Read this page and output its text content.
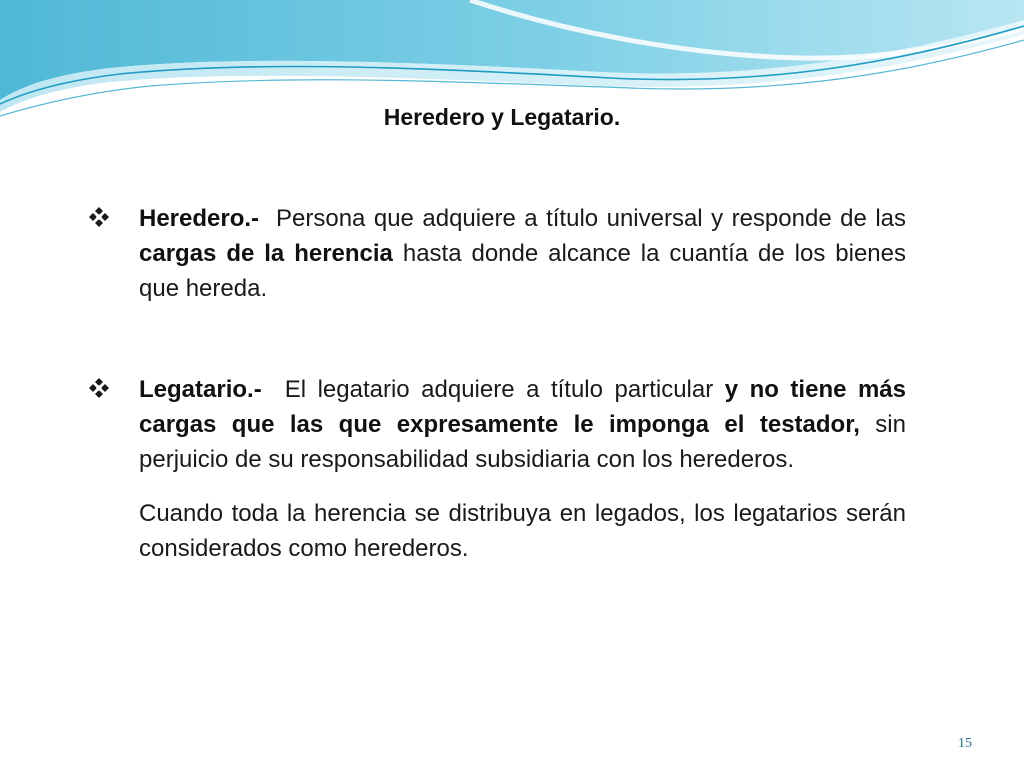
Heredero y Legatario.

Heredero.- Persona que adquiere a título universal y responde de las cargas de la herencia hasta donde alcance la cuantía de los bienes que hereda.

Legatario.- El legatario adquiere a título particular y no tiene más cargas que las que expresamente le imponga el testador, sin perjuicio de su responsabilidad subsidiaria con los herederos.

Cuando toda la herencia se distribuya en legados, los legatarios serán considerados como herederos.

15
